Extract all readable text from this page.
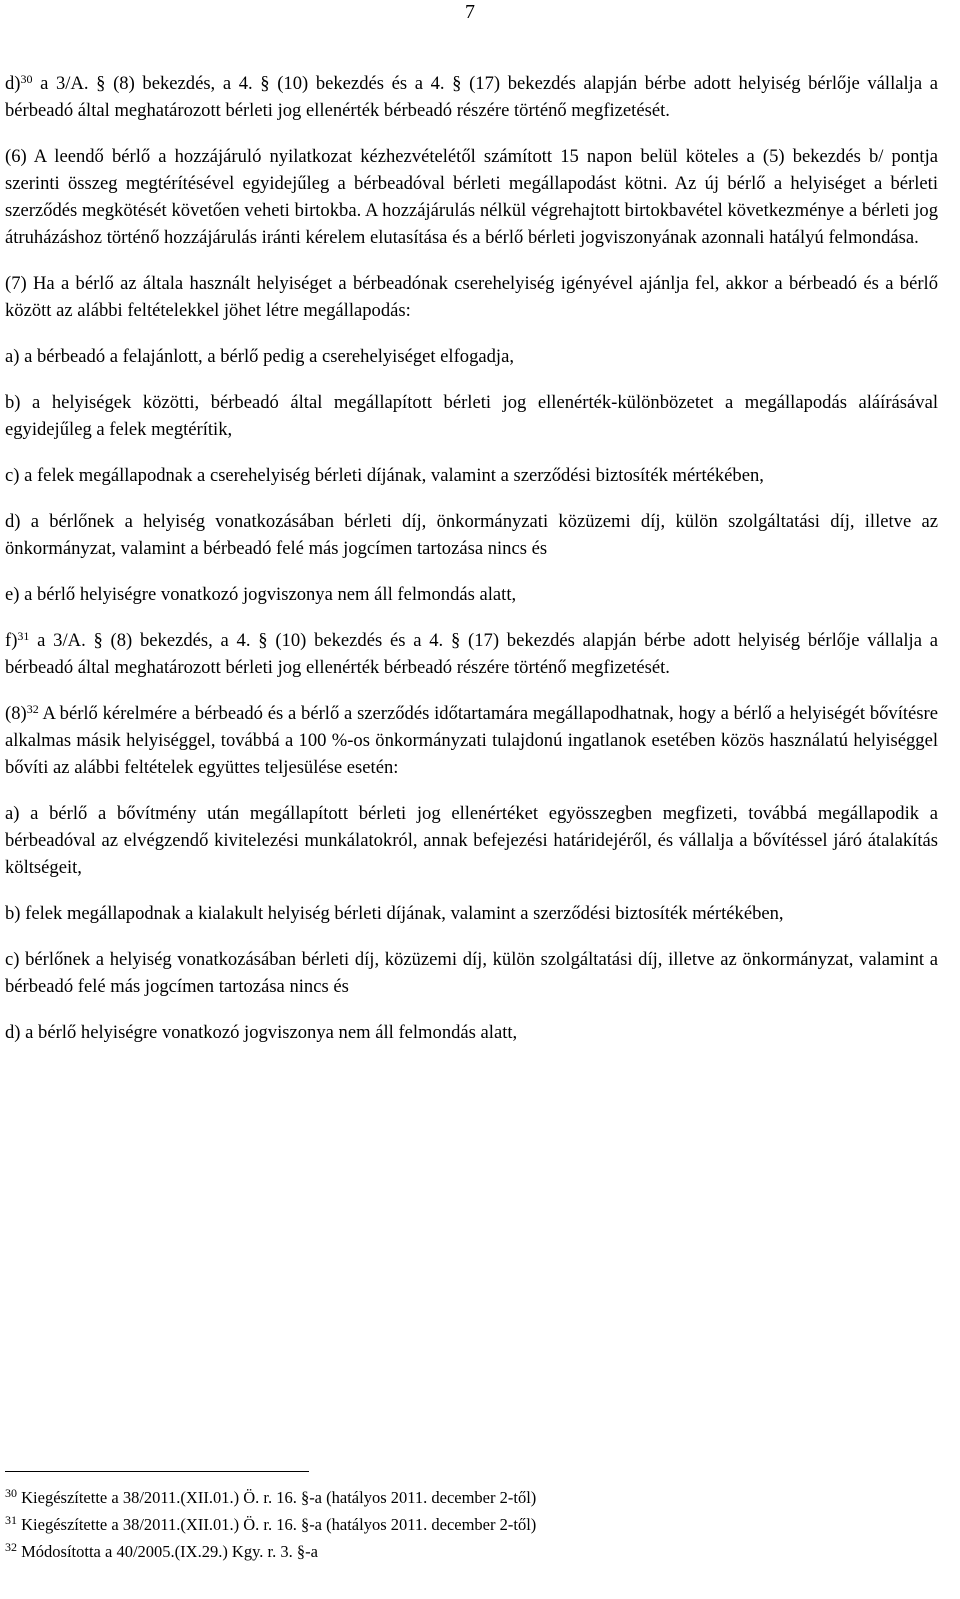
7

d)$^{30}$ a 3/A. § (8) bekezdés, a 4. § (10) bekezdés és a 4. § (17) bekezdés alapján bérbe adott helyiség bérlője vállalja a bérbeadó által meghatározott bérleti jog ellenérték bérbeadó részére történő megfizetését.

(6) A leendő bérlő a hozzájáruló nyilatkozat kézhezvételétől számított 15 napon belül köteles a (5) bekezdés b/ pontja szerinti összeg megtérítésével egyidejűleg a bérbeadóval bérleti megállapodást kötni. Az új bérlő a helyiséget a bérleti szerződés megkötését követően veheti birtokba. A hozzájárulás nélkül végrehajtott birtokbavétel következménye a bérleti jog átruházáshoz történő hozzájárulás iránti kérelem elutasítása és a bérlő bérleti jogviszonyának azonnali hatályú felmondása.

(7) Ha a bérlő az általa használt helyiséget a bérbeadónak cserehelyiség igényével ajánlja fel, akkor a bérbeadó és a bérlő között az alábbi feltételekkel jöhet létre megállapodás:

a) a bérbeadó a felajánlott, a bérlő pedig a cserehelyiséget elfogadja,

b) a helyiségek közötti, bérbeadó által megállapított bérleti jog ellenérték-különbözetet a megállapodás aláírásával egyidejűleg a felek megtérítik,

c) a felek megállapodnak a cserehelyiség bérleti díjának, valamint a szerződési biztosíték mértékében,

d) a bérlőnek a helyiség vonatkozásában bérleti díj, önkormányzati közüzemi díj, külön szolgáltatási díj, illetve az önkormányzat, valamint a bérbeadó felé más jogcímen tartozása nincs és

e) a bérlő helyiségre vonatkozó jogviszonya nem áll felmondás alatt,

f)$^{31}$ a 3/A. § (8) bekezdés, a 4. § (10) bekezdés és a 4. § (17) bekezdés alapján bérbe adott helyiség bérlője vállalja a bérbeadó által meghatározott bérleti jog ellenérték bérbeadó részére történő megfizetését.

$(8)^{32}$ A bérlő kérelmére a bérbeadó és a bérlő a szerződés időtartamára megállapodhatnak, hogy a bérlő a helyiségét bővítésre alkalmas másik helyiséggel, továbbá a 100 %-os önkormányzati tulajdonú ingatlanok esetében közös használatú helyiséggel bővíti az alábbi feltételek együttes teljesülése esetén:

a) a bérlő a bővítmény után megállapított bérleti jog ellenértéket egyösszegben megfizeti, továbbá megállapodik a bérbeadóval az elvégzendő kivitelezési munkálatokról, annak befejezési határidejéről, és vállalja a bővítéssel járó átalakítás költségeit,

b) felek megállapodnak a kialakult helyiség bérleti díjának, valamint a szerződési biztosíték mértékében,

c) bérlőnek a helyiség vonatkozásában bérleti díj, közüzemi díj, külön szolgáltatási díj, illetve az önkormányzat, valamint a bérbeadó felé más jogcímen tartozása nincs és

d) a bérlő helyiségre vonatkozó jogviszonya nem áll felmondás alatt,

$^{30}$ Kiegészítette a 38/2011.(XII.01.) Ö. r. 16. §-a (hatályos 2011. december 2-től)
$^{31}$ Kiegészítette a 38/2011.(XII.01.) Ö. r. 16. §-a (hatályos 2011. december 2-től)
$^{32}$ Módosította a 40/2005.(IX.29.) Kgy. r. 3. §-a
